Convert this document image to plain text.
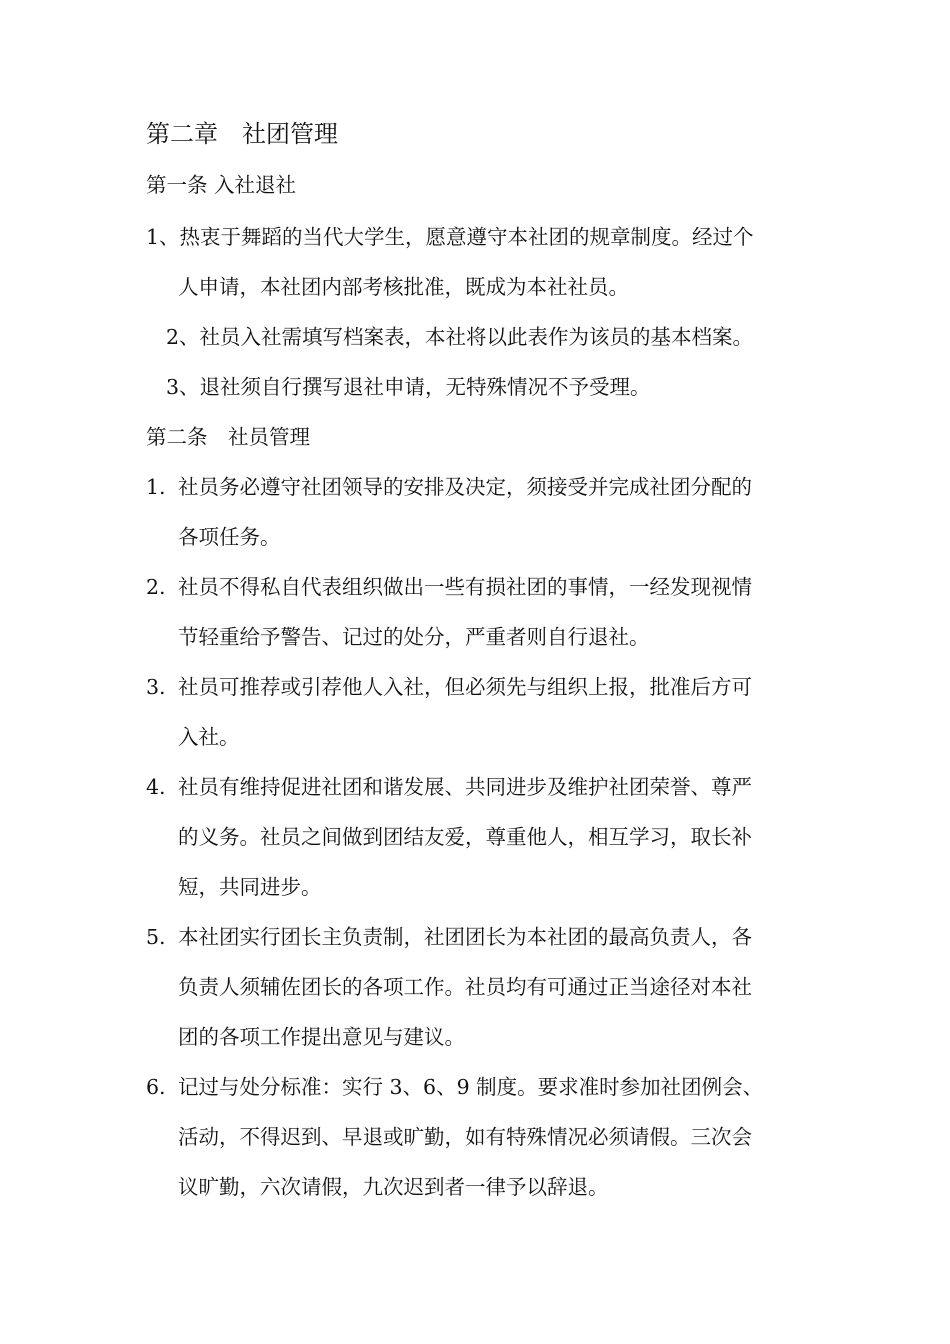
第二章　社团管理
第一条 入社退社
1、热衷于舞蹈的当代大学生，愿意遵守本社团的规章制度。经过个
人申请，本社团内部考核批准，既成为本社社员。
2、社员入社需填写档案表，本社将以此表作为该员的基本档案。
3、退社须自行撰写退社申请，无特殊情况不予受理。
第二条　社员管理
1. 社员务必遵守社团领导的安排及决定，须接受并完成社团分配的
各项任务。
2. 社员不得私自代表组织做出一些有损社团的事情，一经发现视情
节轻重给予警告、记过的处分，严重者则自行退社。
3. 社员可推荐或引荐他人入社，但必须先与组织上报，批准后方可
入社。
4. 社员有维持促进社团和谐发展、共同进步及维护社团荣誉、尊严
的义务。社员之间做到团结友爱，尊重他人，相互学习，取长补
短，共同进步。
5. 本社团实行团长主负责制，社团团长为本社团的最高负责人，各
负责人须辅佐团长的各项工作。社员均有可通过正当途径对本社
团的各项工作提出意见与建议。
6. 记过与处分标准：实行 3、6、9 制度。要求准时参加社团例会、
活动，不得迟到、早退或旷勤，如有特殊情况必须请假。三次会
议旷勤，六次请假，九次迟到者一律予以辞退。
